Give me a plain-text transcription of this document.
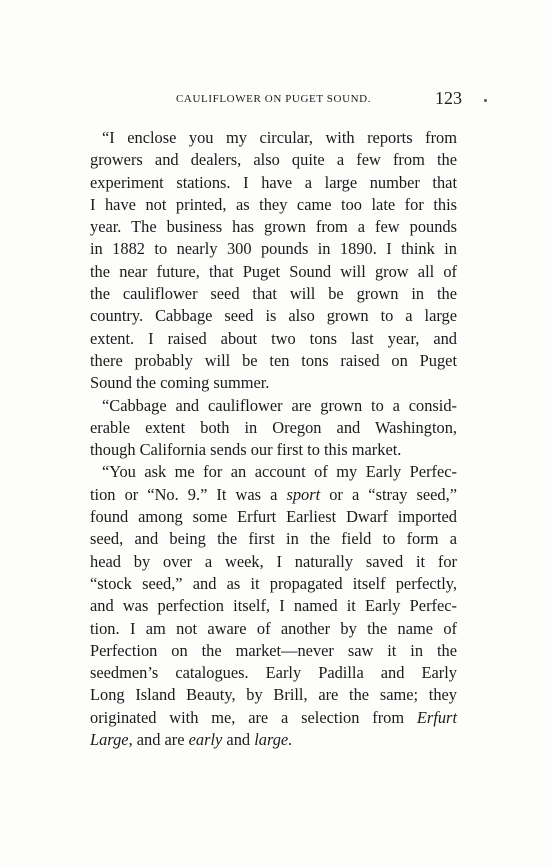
CAULIFLOWER ON PUGET SOUND.	123
“I enclose you my circular, with reports from
growers and dealers, also quite a few from the
experiment stations. I have a large number that
I have not printed, as they came too late for this
year. The business has grown from a few pounds
in 1882 to nearly 300 pounds in 1890. I think in
the near future, that Puget Sound will grow all of
the cauliflower seed that will be grown in the
country. Cabbage seed is also grown to a large
extent. I raised about two tons last year, and
there probably will be ten tons raised on Puget
Sound the coming summer.
“Cabbage and cauliflower are grown to a consid-
erable extent both in Oregon and Washington,
though California sends our first to this market.
“You ask me for an account of my Early Perfec-
tion or “No. 9.” It was a sport or a “stray seed,”
found among some Erfurt Earliest Dwarf imported
seed, and being the first in the field to form a
head by over a week, I naturally saved it for
“stock seed,” and as it propagated itself perfectly,
and was perfection itself, I named it Early Perfec-
tion. I am not aware of another by the name of
Perfection on the market—never saw it in the
seedmen’s catalogues. Early Padilla and Early
Long Island Beauty, by Brill, are the same; they
originated with me, are a selection from Erfurt
Large, and are early and large.
